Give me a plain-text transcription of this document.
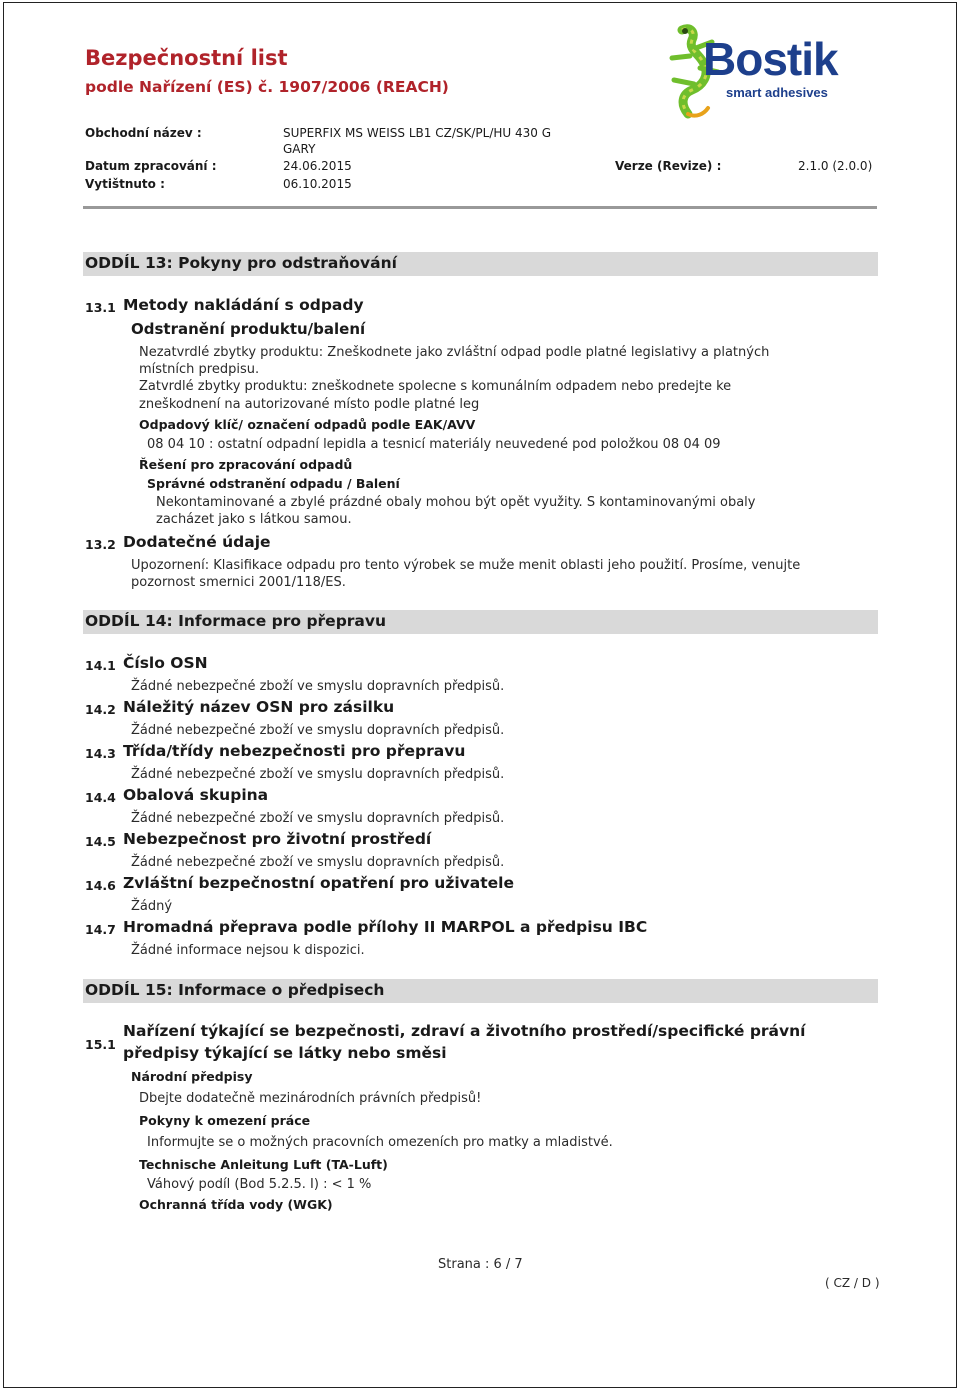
Bezpečnostní list
podle Nařízení (ES) č. 1907/2006 (REACH)
Bostik
smart adhesives
Obchodní název :	SUPERFIX MS WEISS LB1 CZ/SK/PL/HU 430 G
GARY
Datum zpracování :	24.06.2015	Verze (Revize) :	2.1.0 (2.0.0)
Vytištnuto :	06.10.2015
ODDÍL 13: Pokyny pro odstraňování
13.1 Metody nakládání s odpady
Odstranění produktu/balení
Nezatvrdlé zbytky produktu: Zneškodnete jako zvláštní odpad podle platné legislativy a platných
místních predpisu.
Zatvrdlé zbytky produktu: zneškodnete spolecne s komunálním odpadem nebo predejte ke
zneškodnení na autorizované místo podle platné leg
Odpadový klíč/ označení odpadů podle EAK/AVV
08 04 10 : ostatní odpadní lepidla a tesnicí materiály neuvedené pod položkou 08 04 09
Řešení pro zpracování odpadů
Správné odstranění odpadu / Balení
Nekontaminované a zbylé prázdné obaly mohou být opět využity. S kontaminovanými obaly
zacházet jako s látkou samou.
13.2 Dodatečné údaje
Upozornení: Klasifikace odpadu pro tento výrobek se muže menit oblasti jeho použití. Prosíme, venujte
pozornost smernici 2001/118/ES.
ODDÍL 14: Informace pro přepravu
14.1 Číslo OSN
Žádné nebezpečné zboží ve smyslu dopravních předpisů.
14.2 Náležitý název OSN pro zásilku
Žádné nebezpečné zboží ve smyslu dopravních předpisů.
14.3 Třída/třídy nebezpečnosti pro přepravu
Žádné nebezpečné zboží ve smyslu dopravních předpisů.
14.4 Obalová skupina
Žádné nebezpečné zboží ve smyslu dopravních předpisů.
14.5 Nebezpečnost pro životní prostředí
Žádné nebezpečné zboží ve smyslu dopravních předpisů.
14.6 Zvláštní bezpečnostní opatření pro uživatele
Žádný
14.7 Hromadná přeprava podle přílohy II MARPOL a předpisu IBC
Žádné informace nejsou k dispozici.
ODDÍL 15: Informace o předpisech
15.1
Nařízení týkající se bezpečnosti, zdraví a životního prostředí/specifické právní
předpisy týkající se látky nebo směsi
Národní předpisy
Dbejte dodatečně mezinárodních právních předpisů!
Pokyny k omezení práce
Informujte se o možných pracovních omezeních pro matky a mladistvé.
Technische Anleitung Luft (TA-Luft)
Váhový podíl (Bod 5.2.5. I) : < 1 %
Ochranná třída vody (WGK)
Strana : 6 / 7
( CZ / D )
